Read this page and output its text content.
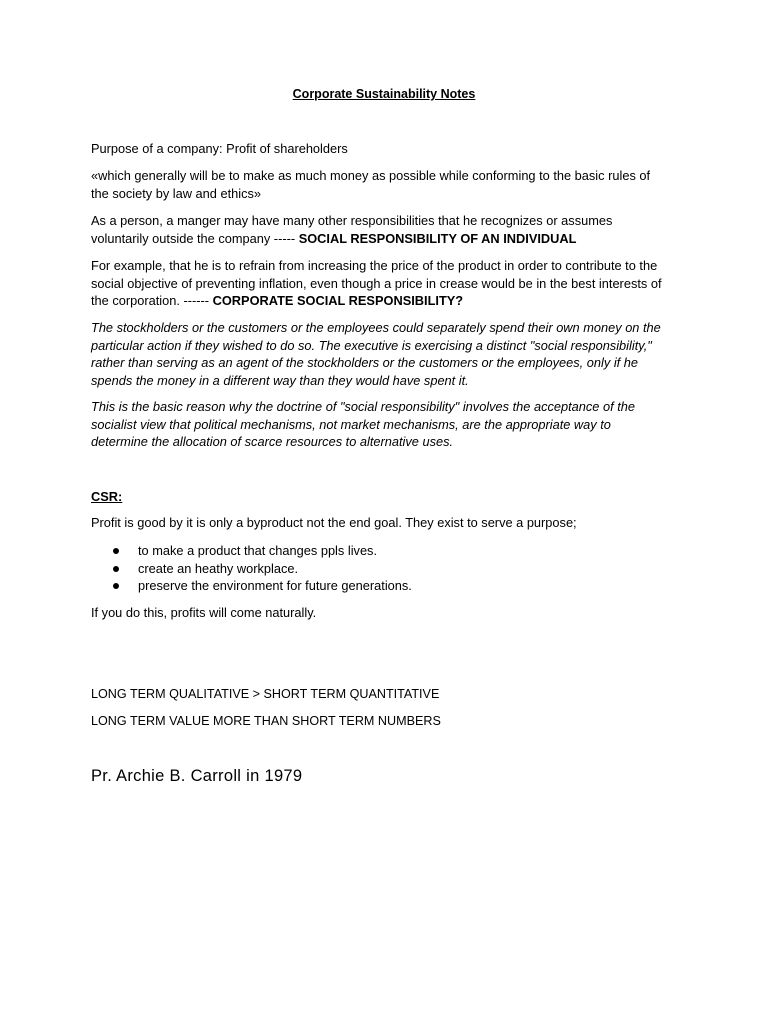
Corporate Sustainability Notes

Purpose of a company: Profit of shareholders

«which generally will be to make as much money as possible while conforming to the basic rules of the society by law and ethics»

As a person, a manger may have many other responsibilities that he recognizes or assumes voluntarily outside the company ----- SOCIAL RESPONSIBILITY OF AN INDIVIDUAL

For example, that he is to refrain from increasing the price of the product in order to contribute to the social objective of preventing inflation, even though a price in crease would be in the best interests of the corporation. ------ CORPORATE SOCIAL RESPONSIBILITY?

The stockholders or the customers or the employees could separately spend their own money on the particular action if they wished to do so. The executive is exercising a distinct "social responsibility," rather than serving as an agent of the stockholders or the customers or the employees, only if he spends the money in a different way than they would have spent it.

This is the basic reason why the doctrine of "social responsibility" involves the acceptance of the socialist view that political mechanisms, not market mechanisms, are the appropriate way to determine the allocation of scarce resources to alternative uses.

CSR:

Profit is good by it is only a byproduct not the end goal. They exist to serve a purpose;

to make a product that changes ppls lives.
create an heathy workplace.
preserve the environment for future generations.

If you do this, profits will come naturally.

LONG TERM QUALITATIVE > SHORT TERM QUANTITATIVE

LONG TERM VALUE MORE THAN SHORT TERM NUMBERS

Pr. Archie B. Carroll in 1979
